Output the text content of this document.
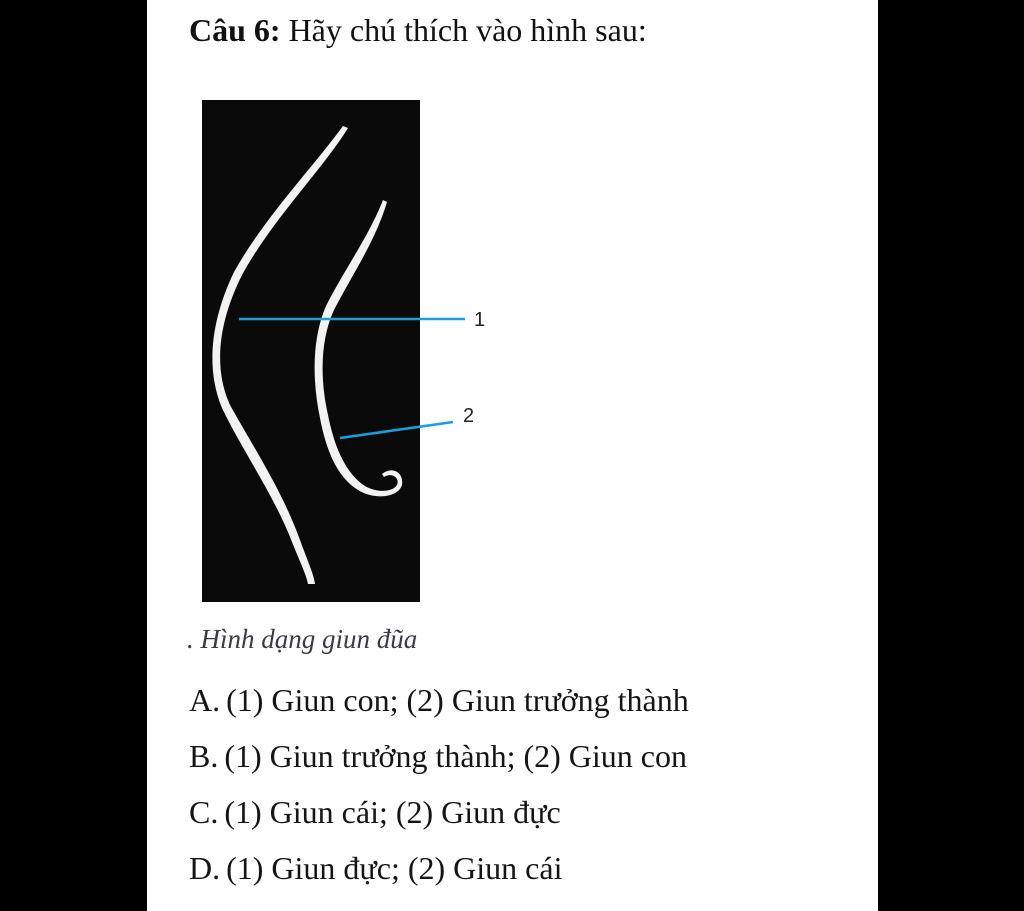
Câu 6: Hãy chú thích vào hình sau:
1
2
. Hình dạng giun đũa
A. (1) Giun con; (2) Giun trưởng thành
B. (1) Giun trưởng thành; (2) Giun con
C. (1) Giun cái; (2) Giun đực
D. (1) Giun đực; (2) Giun cái
